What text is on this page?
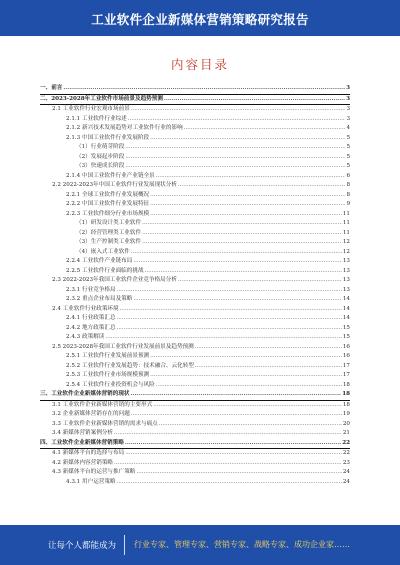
工业软件企业新媒体营销策略研究报告
内容目录
一、前言 .....	3
二、2023-2028年工业软件市场前景及趋势预测 .....	3
2.1 工业软件行业宏观市场前景 .....	3
2.1.1 工业软件行业综述 .....	3
2.1.2 新兴技术发展趋势对工业软件行业的影响 .....	4
2.1.3 中国工业软件行业发展阶段 .....	5
（1）行业萌芽阶段 .....	5
（2）发展起步阶段 .....	5
（3）快速成长阶段 .....	5
2.1.4 中国工业软件行业产业链全景 .....	6
2.2 2022-2023年中国工业软件行业发展现状分析 .....	8
2.2.1 全球工业软件行业发展概况 .....	8
2.2.2 中国工业软件行业发展特征 .....	9
2.2.3 工业软件细分行业市场规模 .....	11
（1）研发设计类工业软件 .....	11
（2）经营管理类工业软件 .....	11
（3）生产控制类工业软件 .....	12
（4）嵌入式工业软件 .....	12
2.2.4 工业软件产业链布局 .....	13
2.2.5 工业软件行业面临的挑战 .....	13
2.3 2022-2023年我国工业软件企业竞争格局分析 .....	13
2.3.1 行业竞争格局 .....	13
2.3.2 重点企业布局及策略 .....	14
2.4 工业软件行业政策环境 .....	14
2.4.1 行业政策汇总 .....	14
2.4.2 地方政策汇总 .....	15
2.4.3 政策解读 .....	15
2.5 2023-2028年我国工业软件行业发展前景及趋势预测 .....	16
2.5.1 工业软件行业发展前景预测 .....	16
2.5.2 工业软件行业发展趋势：技术融合、云化转型 .....	17
2.5.3 工业软件行业市场规模预测 .....	17
2.5.4 工业软件行业投资机会与风险 .....	18
三、工业软件企业新媒体营销的现状 .....	18
3.1 工业软件企业新媒体营销的主要形式 .....	18
3.2 企业新媒体营销存在的问题 .....	19
3.3 工业软件企业新媒体营销的需求与痛点 .....	20
3.4 新媒体营销案例分析 .....	21
四、工业软件企业新媒体营销策略 .....	22
4.1 新媒体平台的选择与布局 .....	22
4.2 新媒体内容营销策略 .....	23
4.3 新媒体平台的运营与推广策略 .....	24
4.3.1 用户运营策略 .....	24
让每个人都能成为 行业专家、管理专家、营销专家、战略专家、成功企业家……
